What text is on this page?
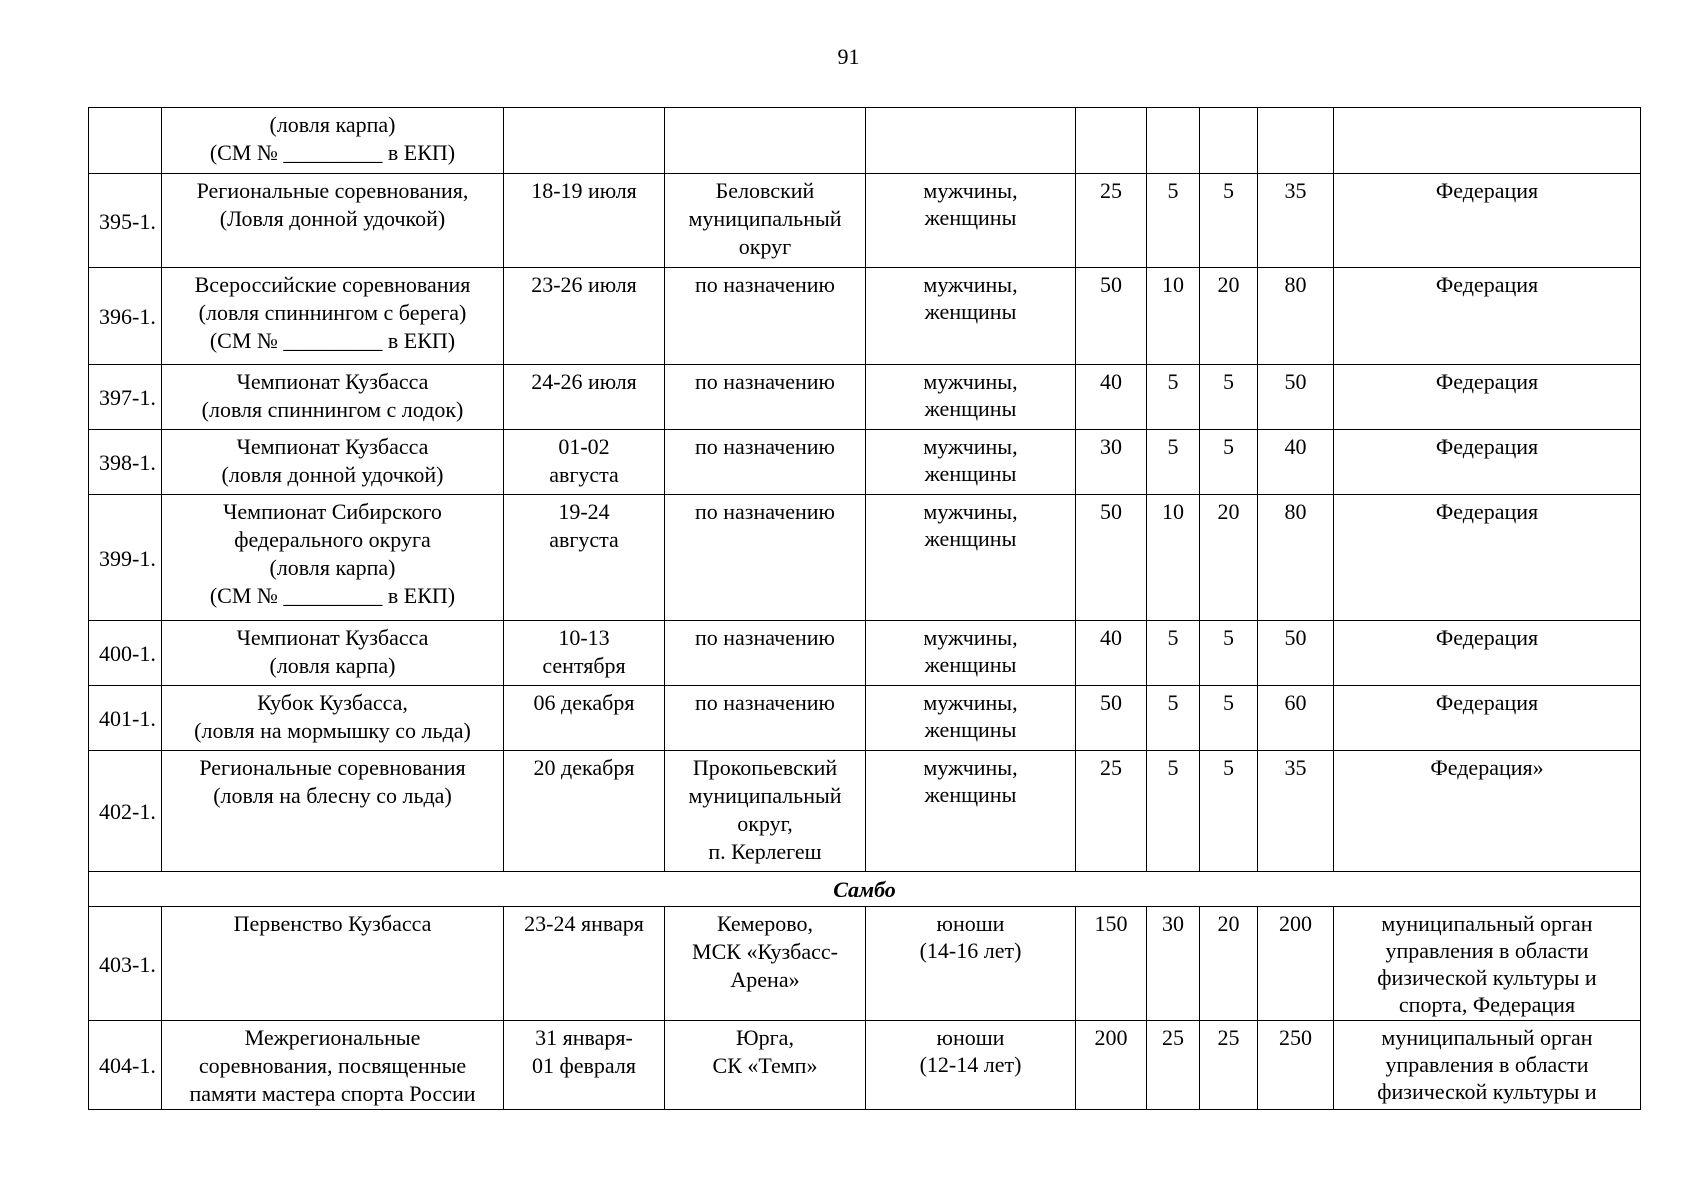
91

	(ловля карпа)
(СМ № _________ в ЕКП)								

395-1.	Региональные соревнования,
(Ловля донной удочкой)	18-19 июля	Беловский
муниципальный
округ	мужчины,
женщины	25	5	5	35	Федерация

396-1.	Всероссийские соревнования
(ловля спиннингом с берега)
(СМ № _________ в ЕКП)	23-26 июля	по назначению	мужчины,
женщины	50	10	20	80	Федерация

397-1.	Чемпионат Кузбасса
(ловля спиннингом с лодок)	24-26 июля	по назначению	мужчины,
женщины	40	5	5	50	Федерация

398-1.	Чемпионат Кузбасса
(ловля донной удочкой)	01-02
августа	по назначению	мужчины,
женщины	30	5	5	40	Федерация

399-1.	Чемпионат Сибирского
федерального округа
(ловля карпа)
(СМ № _________ в ЕКП)	19-24
августа	по назначению	мужчины,
женщины	50	10	20	80	Федерация

400-1.	Чемпионат Кузбасса
(ловля карпа)	10-13
сентября	по назначению	мужчины,
женщины	40	5	5	50	Федерация

401-1.	Кубок Кузбасса,
(ловля на мормышку со льда)	06 декабря	по назначению	мужчины,
женщины	50	5	5	60	Федерация

402-1.	Региональные соревнования
(ловля на блесну со льда)	20 декабря	Прокопьевский
муниципальный
округ,
п. Керлегеш	мужчины,
женщины	25	5	5	35	Федерация»

Самбо									
403-1.	Первенство Кузбасса	23-24 января	Кемерово,
МСК «Кузбасс-
Арена»	юноши
(14-16 лет)	150	30	20	200	муниципальный орган
управления в области
физической культуры и
спорта, Федерация

404-1.	Межрегиональные
соревнования, посвященные
памяти мастера спорта России	31 января-
01 февраля	Юрга,
СК «Темп»	юноши
(12-14 лет)	200	25	25	250	муниципальный орган
управления в области
физической культуры и
